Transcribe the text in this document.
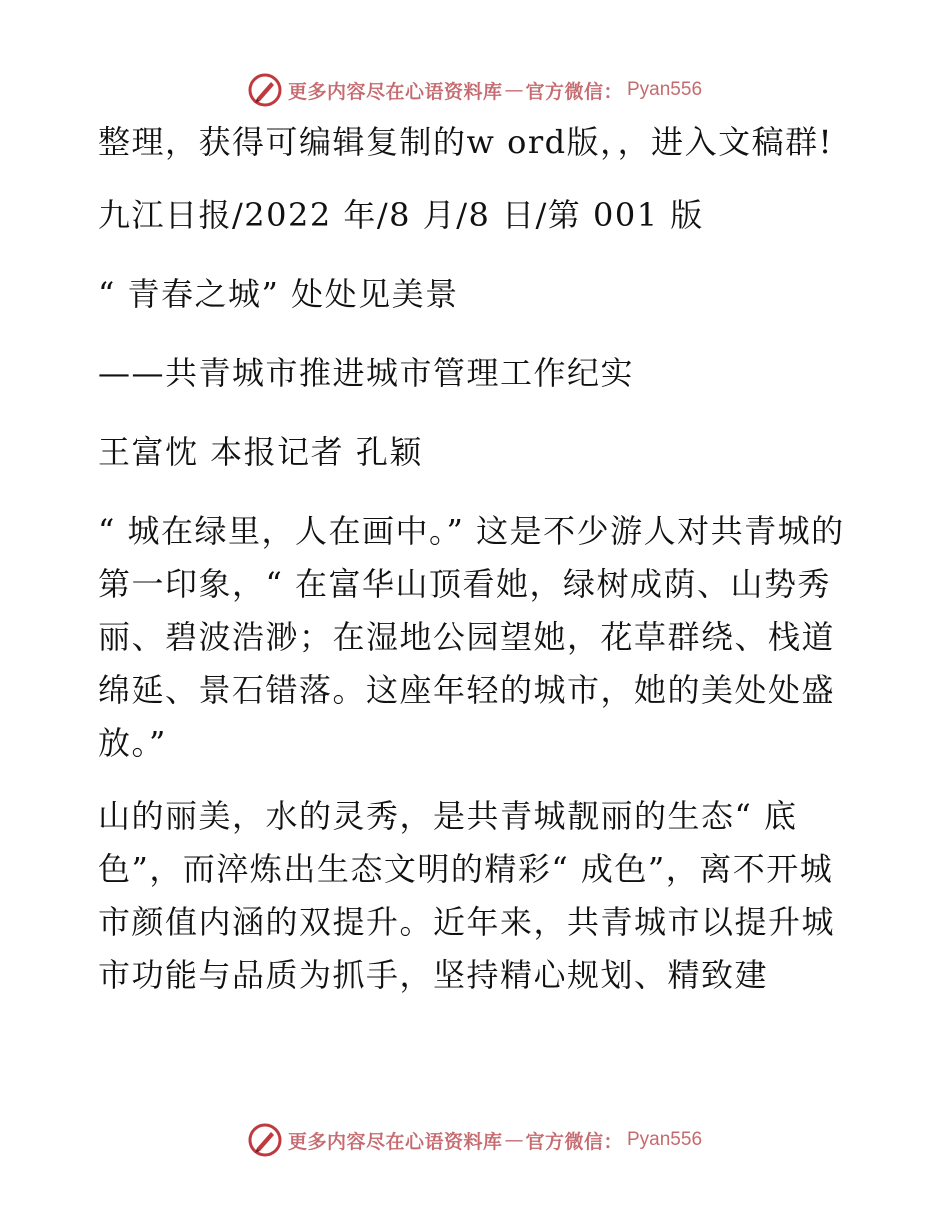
更多内容尽在心语资料库 — 官方微信： Pyan556

整理，获得可编辑复制的w ord版，，进入文稿群!

九江日报/2022 年/8 月/8 日/第 001 版

“ 青春之城” 处处见美景

——共青城市推进城市管理工作纪实

王富忱 本报记者 孔颖

“ 城在绿里，人在画中。” 这是不少游人对共青城的第一印象，“ 在富华山顶看她，绿树成荫、山势秀丽、碧波浩渺；在湿地公园望她，花草群绕、栈道绵延、景石错落。这座年轻的城市，她的美处处盛放。”

山的丽美，水的灵秀，是共青城靓丽的生态“ 底色”，而淬炼出生态文明的精彩“ 成色”，离不开城市颜值内涵的双提升。近年来，共青城市以提升城市功能与品质为抓手，坚持精心规划、精致建

更多内容尽在心语资料库 — 官方微信： Pyan556
